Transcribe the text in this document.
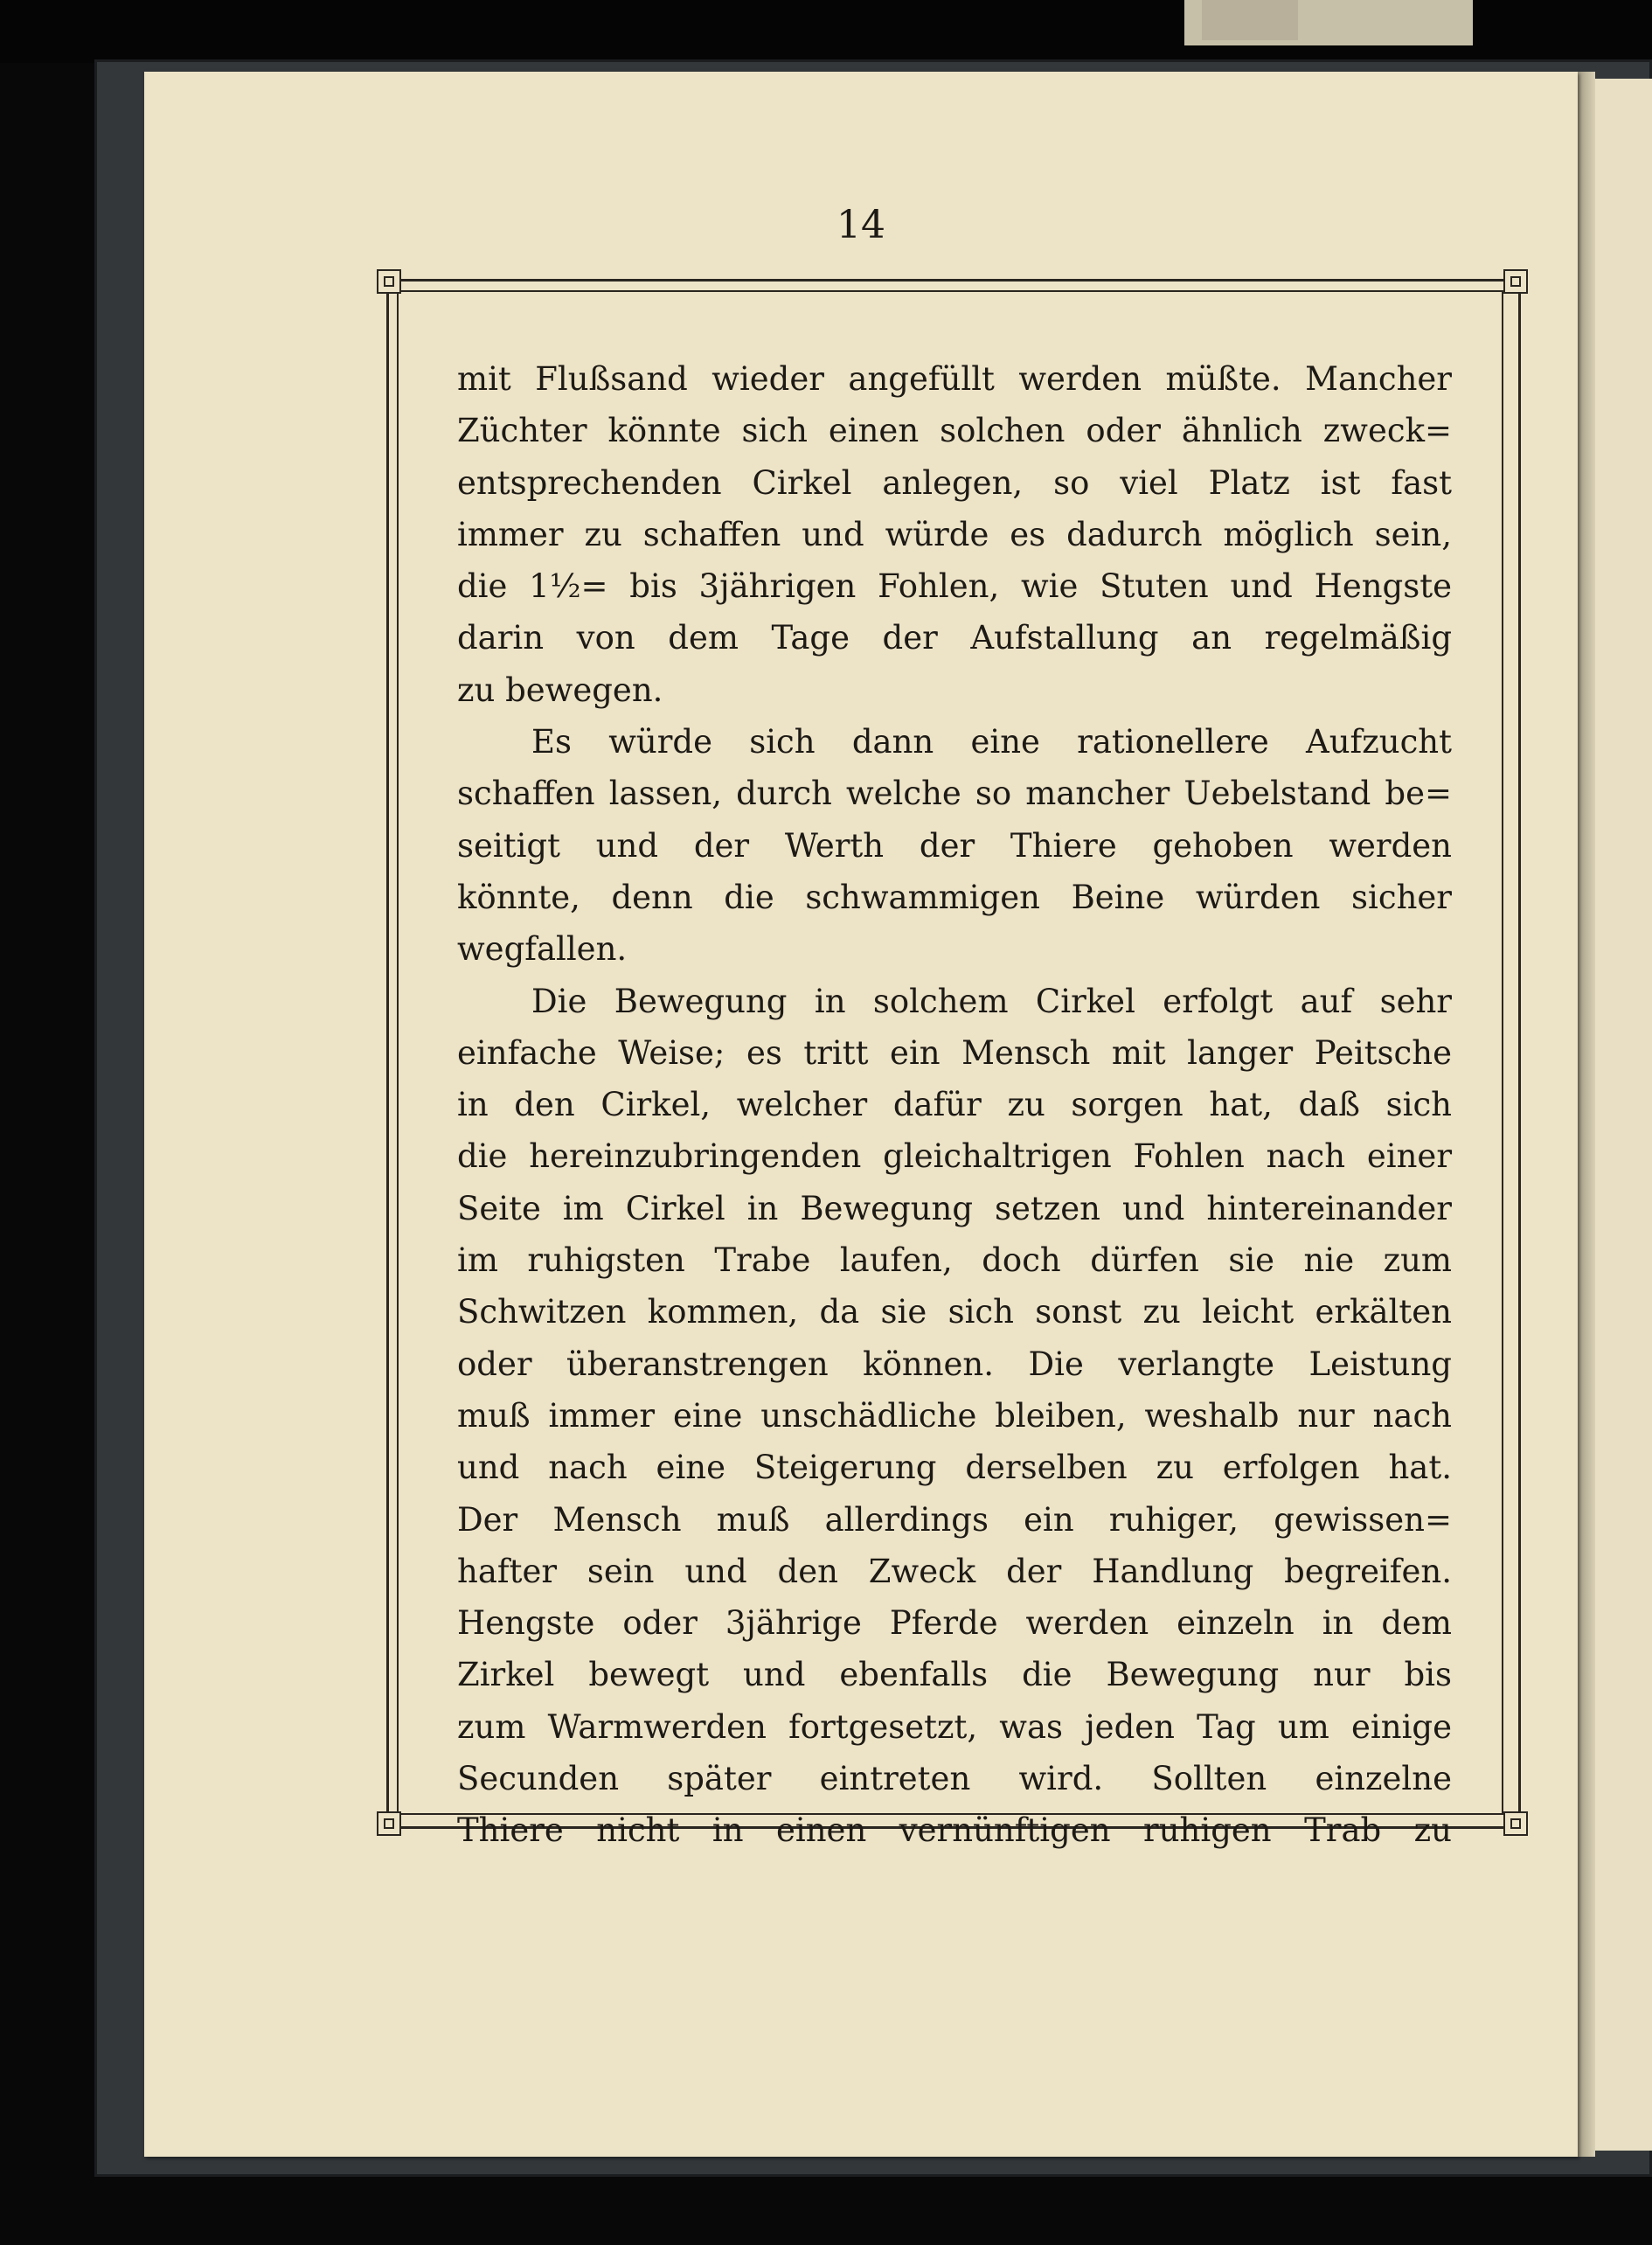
14
mit Flußsand wieder angefüllt werden müßte. Mancher
Züchter könnte sich einen solchen oder ähnlich zweck=
entsprechenden Cirkel anlegen, so viel Platz ist fast
immer zu schaffen und würde es dadurch möglich sein,
die 1½= bis 3jährigen Fohlen, wie Stuten und Hengste
darin von dem Tage der Aufstallung an regelmäßig
zu bewegen.
Es würde sich dann eine rationellere Aufzucht
schaffen lassen, durch welche so mancher Uebelstand be=
seitigt und der Werth der Thiere gehoben werden
könnte, denn die schwammigen Beine würden sicher
wegfallen.
Die Bewegung in solchem Cirkel erfolgt auf sehr
einfache Weise; es tritt ein Mensch mit langer Peitsche
in den Cirkel, welcher dafür zu sorgen hat, daß sich
die hereinzubringenden gleichaltrigen Fohlen nach einer
Seite im Cirkel in Bewegung setzen und hintereinander
im ruhigsten Trabe laufen, doch dürfen sie nie zum
Schwitzen kommen, da sie sich sonst zu leicht erkälten
oder überanstrengen können. Die verlangte Leistung
muß immer eine unschädliche bleiben, weshalb nur nach
und nach eine Steigerung derselben zu erfolgen hat.
Der Mensch muß allerdings ein ruhiger, gewissen=
hafter sein und den Zweck der Handlung begreifen.
Hengste oder 3jährige Pferde werden einzeln in dem
Zirkel bewegt und ebenfalls die Bewegung nur bis
zum Warmwerden fortgesetzt, was jeden Tag um einige
Secunden später eintreten wird. Sollten einzelne
Thiere nicht in einen vernünftigen ruhigen Trab zu
